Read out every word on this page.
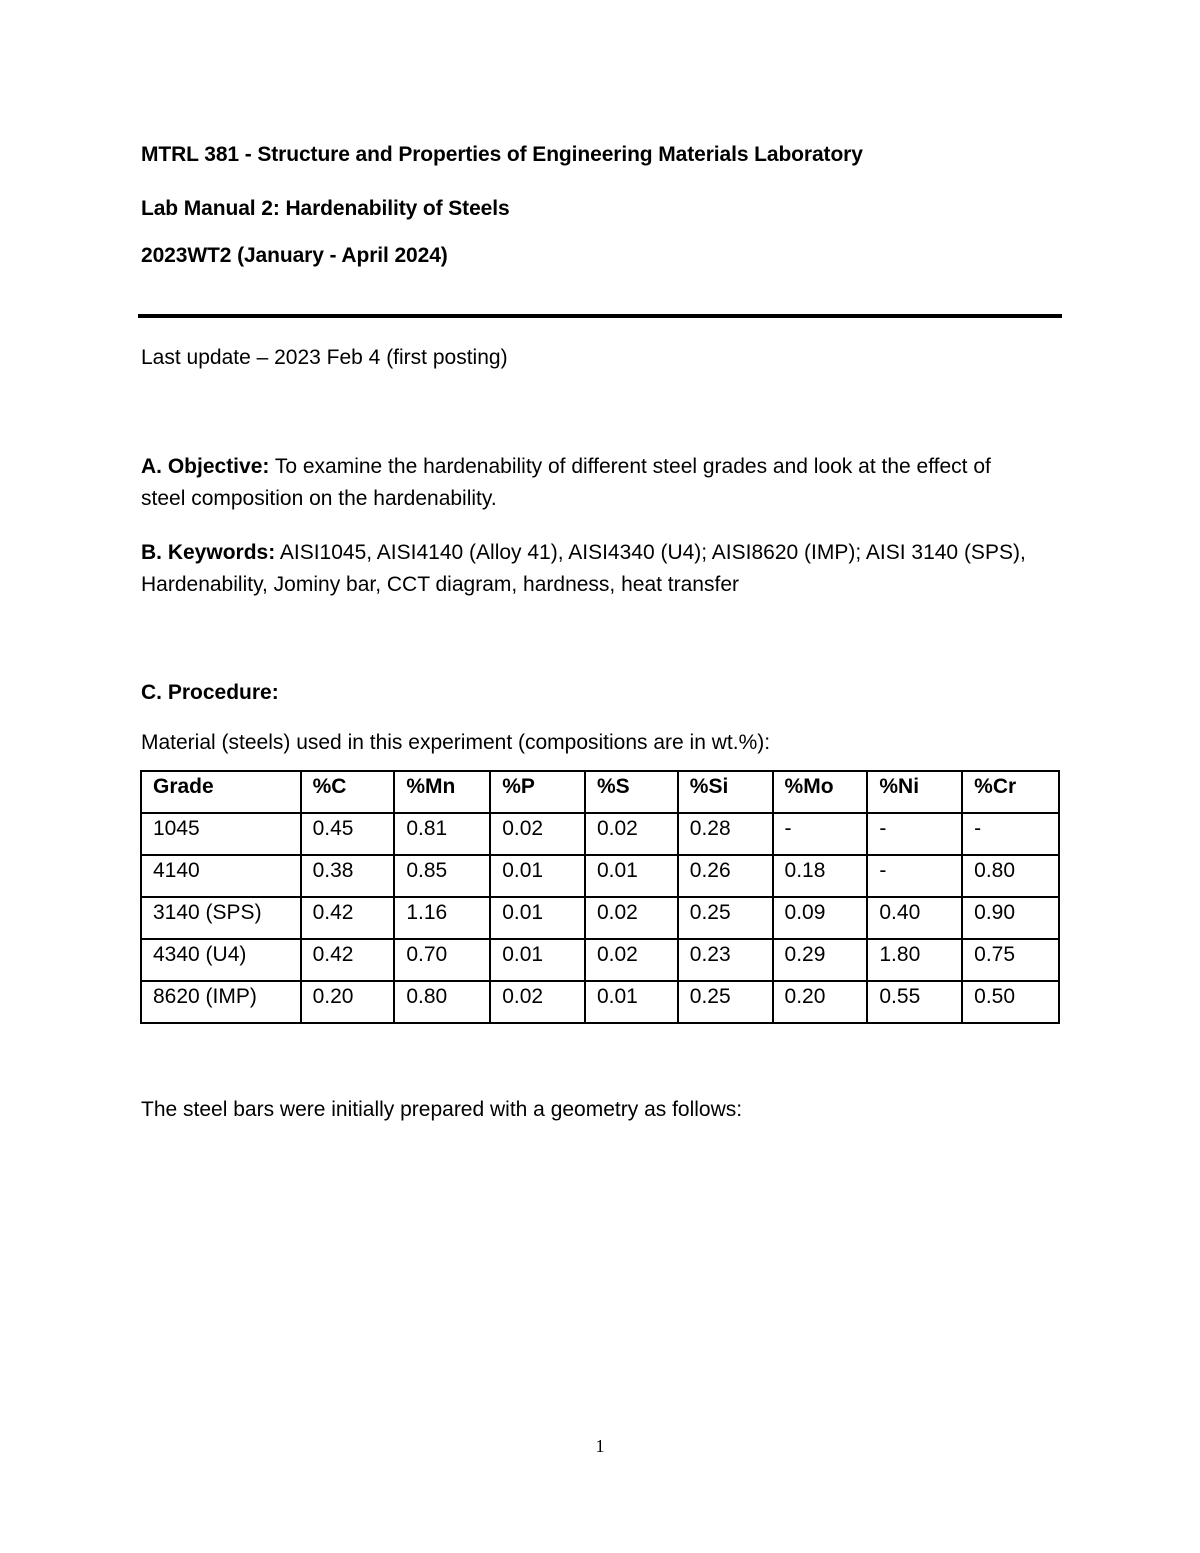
MTRL 381 - Structure and Properties of Engineering Materials Laboratory
Lab Manual 2: Hardenability of Steels
2023WT2 (January - April 2024)
Last update – 2023 Feb 4 (first posting)
A. Objective: To examine the hardenability of different steel grades and look at the effect of steel composition on the hardenability.
B. Keywords: AISI1045, AISI4140 (Alloy 41), AISI4340 (U4); AISI8620 (IMP); AISI 3140 (SPS), Hardenability, Jominy bar, CCT diagram, hardness, heat transfer
C. Procedure:
Material (steels) used in this experiment (compositions are in wt.%):
Grade	%C	%Mn	%P	%S	%Si	%Mo	%Ni	%Cr
1045	0.45	0.81	0.02	0.02	0.28	-	-	-
4140	0.38	0.85	0.01	0.01	0.26	0.18	-	0.80
3140 (SPS)	0.42	1.16	0.01	0.02	0.25	0.09	0.40	0.90
4340 (U4)	0.42	0.70	0.01	0.02	0.23	0.29	1.80	0.75
8620 (IMP)	0.20	0.80	0.02	0.01	0.25	0.20	0.55	0.50
The steel bars were initially prepared with a geometry as follows:
1
